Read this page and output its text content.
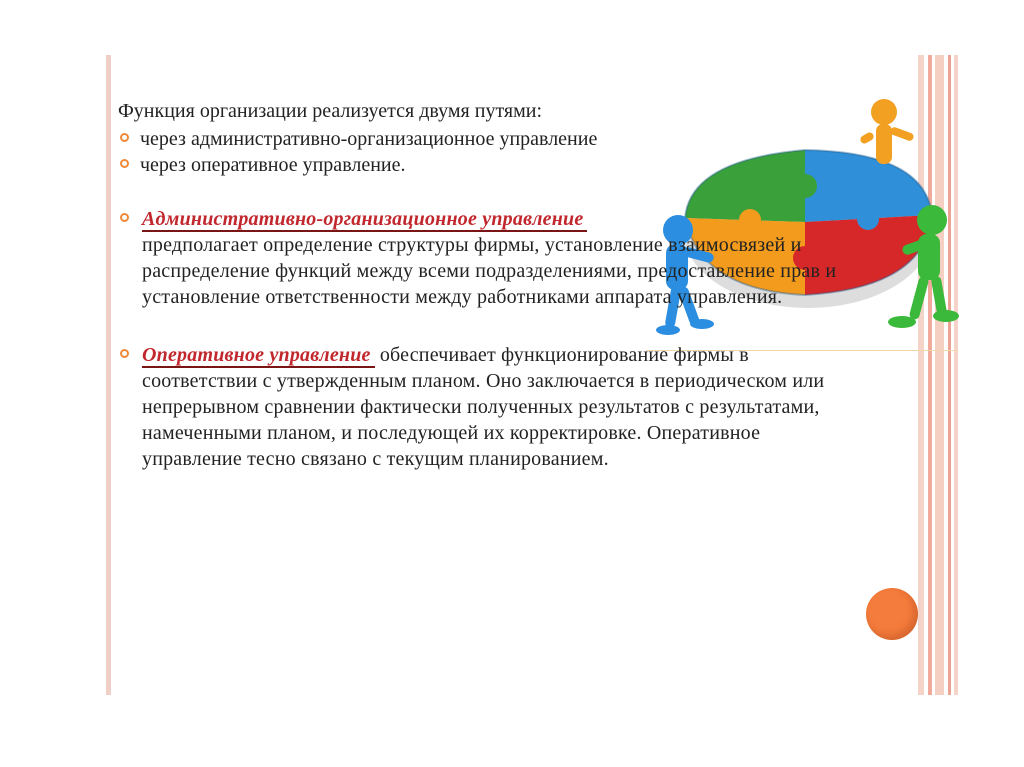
Функция организации реализуется двумя путями:

через административно-организационное управление

через оперативное управление.

Административно-организационное управление
предполагает определение структуры фирмы, установление взаимосвязей и распределение функций между всеми подразделениями, предоставление прав и установление ответственности между работниками аппарата управления.

Оперативное управление обеспечивает функционирование фирмы в соответствии с утвержденным планом. Оно заключается в периодическом или непрерывном сравнении фактически полученных результатов с результатами, намеченными планом, и последующей их корректировке. Оперативное управление тесно связано с текущим планированием.
